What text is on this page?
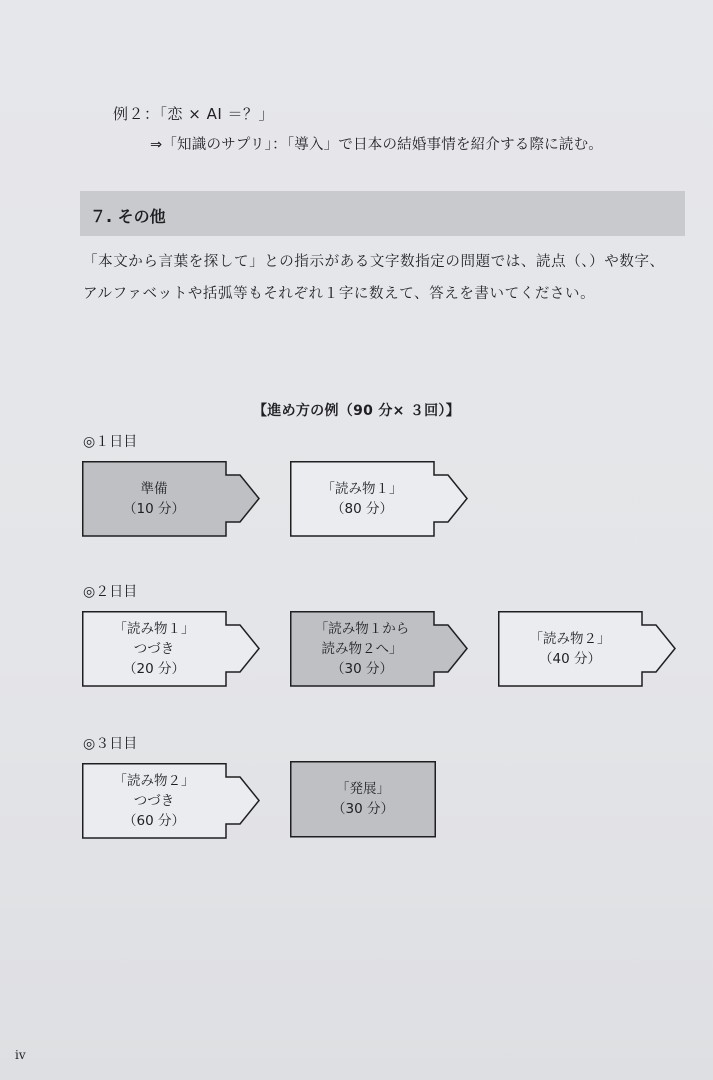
例２：「恋 × AI ＝？」
⇒「知識のサプリ」：「導入」で日本の結婚事情を紹介する際に読む。
７. その他
「本文から言葉を探して」との指示がある文字数指定の問題では、読点（、）や数字、
アルファベットや括弧等もそれぞれ１字に数えて、答えを書いてください。
【進め方の例（90 分× ３回）】
◎１日目
◎２日目
◎３日目
準備
（10 分）
「読み物１」
（80 分）
「読み物１」
つづき
（20 分）
「読み物１から
読み物２へ」
（30 分）
「読み物２」
（40 分）
「読み物２」
つづき
（60 分）
「発展」
（30 分）
iv
